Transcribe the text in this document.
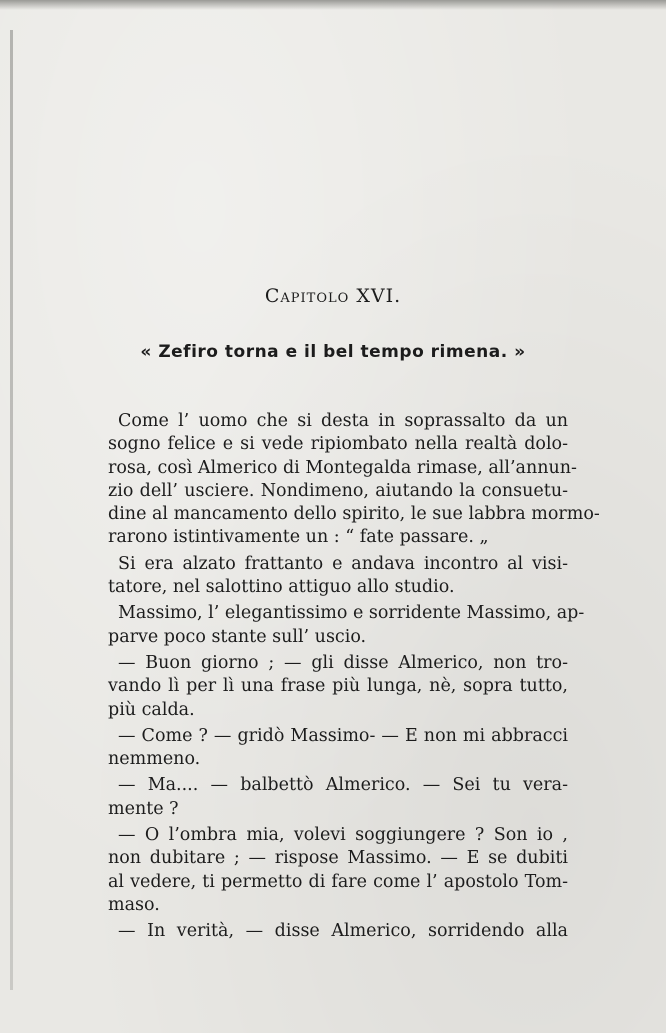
Capitolo XVI.
« Zefiro torna e il bel tempo rimena. »
Come l’ uomo che si desta in soprassalto da un
sogno felice e si vede ripiombato nella realtà dolo-
rosa, così Almerico di Montegalda rimase, all’annun-
zio dell’ usciere. Nondimeno, aiutando la consuetu-
dine al mancamento dello spirito, le sue labbra mormo-
rarono istintivamente un : “ fate passare. „
Si era alzato frattanto e andava incontro al visi-
tatore, nel salottino attiguo allo studio.
Massimo, l’ elegantissimo e sorridente Massimo, ap-
parve poco stante sull’ uscio.
— Buon giorno ; — gli disse Almerico, non tro-
vando lì per lì una frase più lunga, nè, sopra tutto,
più calda.
— Come ? — gridò Massimo- — E non mi abbracci
nemmeno.
— Ma.... — balbettò Almerico. — Sei tu vera-
mente ?
— O l’ombra mia, volevi soggiungere ? Son io ,
non dubitare ; — rispose Massimo. — E se dubiti
al vedere, ti permetto di fare come l’ apostolo Tom-
maso.
— In verità, — disse Almerico, sorridendo alla
